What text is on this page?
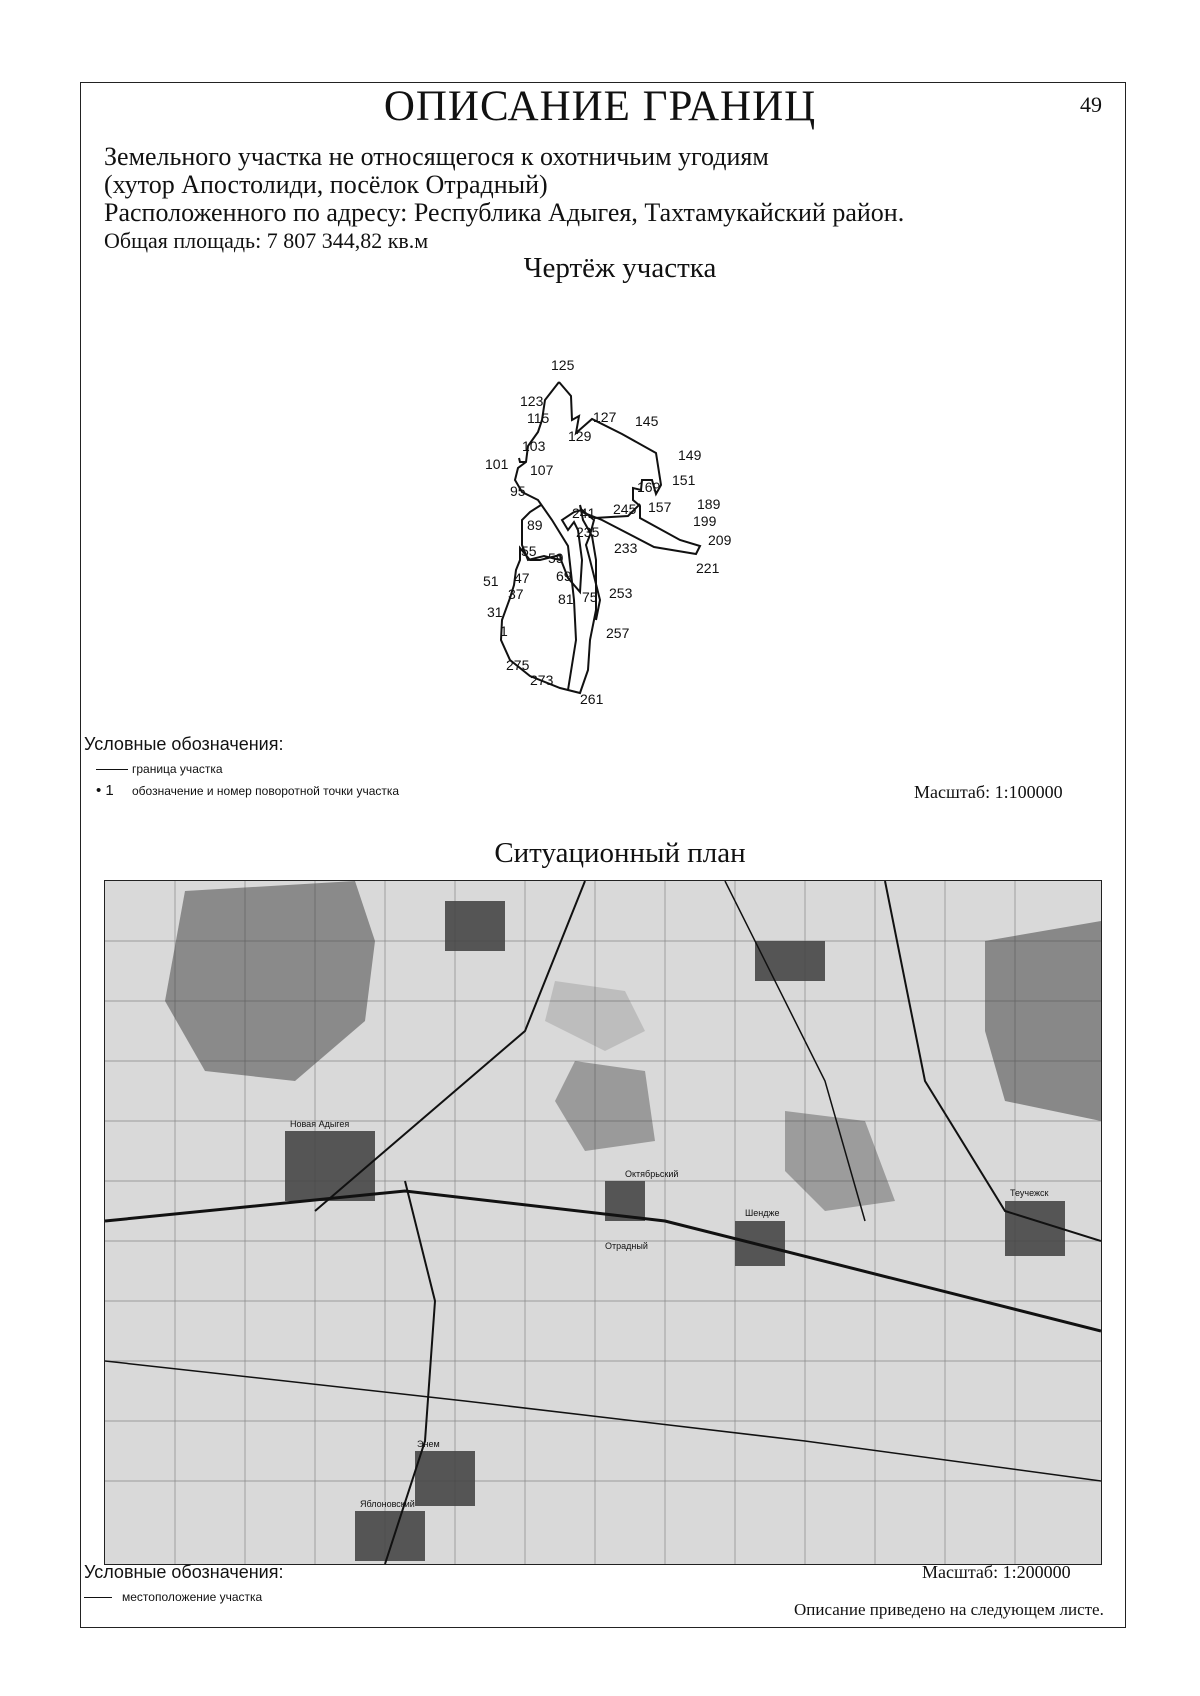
ОПИСАНИЕ ГРАНИЦ	49
Земельного участка не относящегося к охотничьим угодиям
(хутор Апостолиди, посёлок Отрадный)
Расположенного по адресу: Республика Адыгея, Тахтамукайский район.
Общая площадь: 7 807 344,82 кв.м
Чертёж участка
125
123
115	127 145
129
103
101 107
149
95	169 151
157 189
89
241 245
199
235	209
233
221
55 59
69
51 47
37	253
81 75
31
1	257
275
273
261
Условные обозначения:
граница участка
• 1 обозначение и номер поворотной точки участка	Масштаб: 1:100000
Ситуационный план
Октябрьский
Отрадный
Шендже
Теучежск
Энем
Новая Адыгея
Яблоновский
Условные обозначения:	Масштаб: 1:200000
местоположение участка
Описание приведено на следующем листе.
